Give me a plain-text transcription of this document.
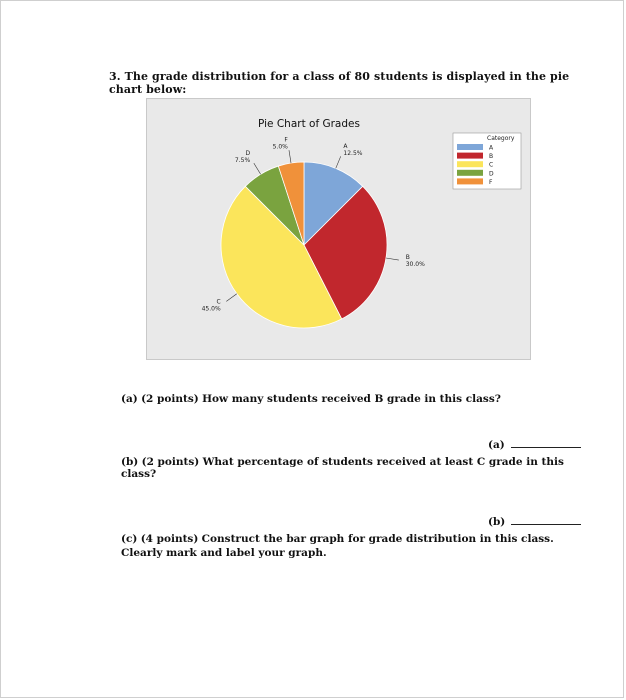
3. The grade distribution for a class of 80 students is displayed in the pie chart below:
Pie Chart of Grades
A
12.5%
B
30.0%
C
45.0%
D
7.5%
F
5.0%
Category
A
B
C
D
F
(a) (2 points) How many students received B grade in this class?
(a)
(b) (2 points) What percentage of students received at least C grade in this class?
(b)
(c) (4 points) Construct the bar graph for grade distribution in this class. Clearly mark and label your graph.
